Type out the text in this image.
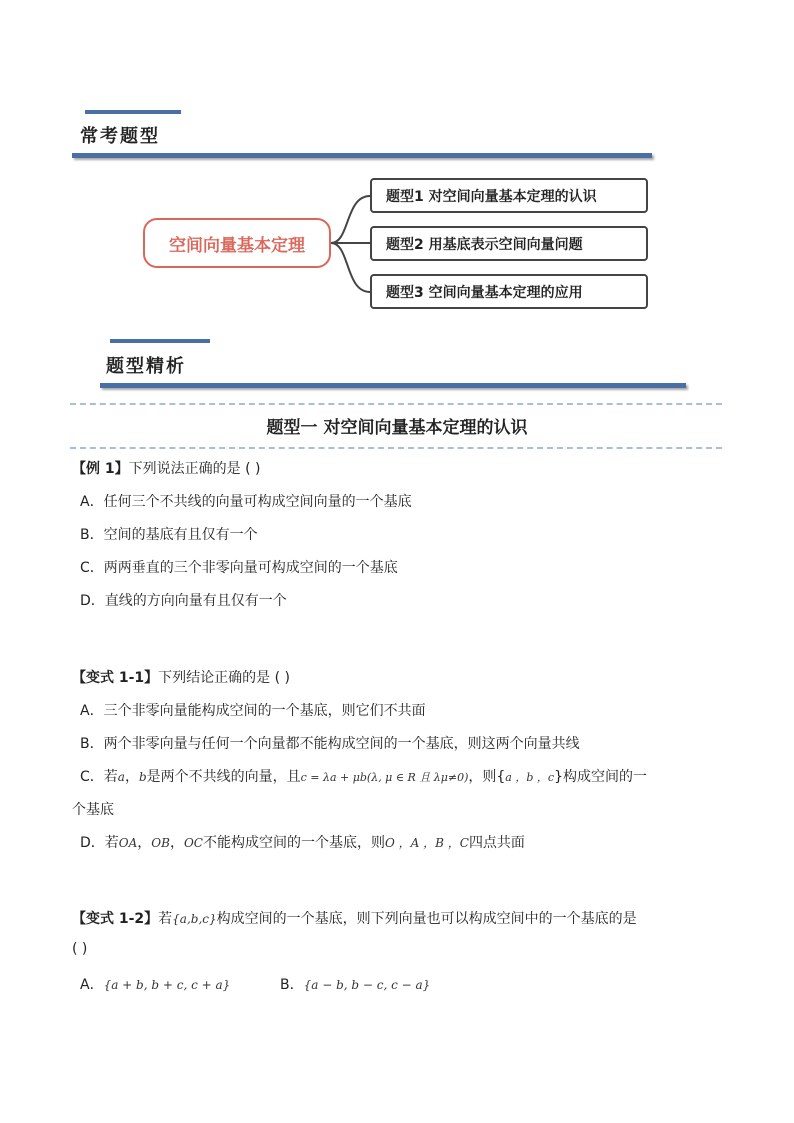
常考题型
空间向量基本定理
题型1 对空间向量基本定理的认识
题型2 用基底表示空间向量问题
题型3 空间向量基本定理的应用
题型精析
题型一 对空间向量基本定理的认识
【例 1】下列说法正确的是 ( )
A．任何三个不共线的向量可构成空间向量的一个基底
B．空间的基底有且仅有一个
C．两两垂直的三个非零向量可构成空间的一个基底
D．直线的方向向量有且仅有一个
【变式 1-1】下列结论正确的是 ( )
A．三个非零向量能构成空间的一个基底，则它们不共面
B．两个非零向量与任何一个向量都不能构成空间的一个基底，则这两个向量共线
C．若a，b是两个不共线的向量，且c = λa + μb(λ, μ ∈ R 且 λμ≠0)，则{a ，b ，c}构成空间的一
个基底
D．若OA，OB，OC不能构成空间的一个基底，则O ，A ，B ，C四点共面
【变式 1-2】若{a,b,c}构成空间的一个基底，则下列向量也可以构成空间中的一个基底的是
( )
A．{a + b, b + c, c + a}	B．{a − b, b − c, c − a}
